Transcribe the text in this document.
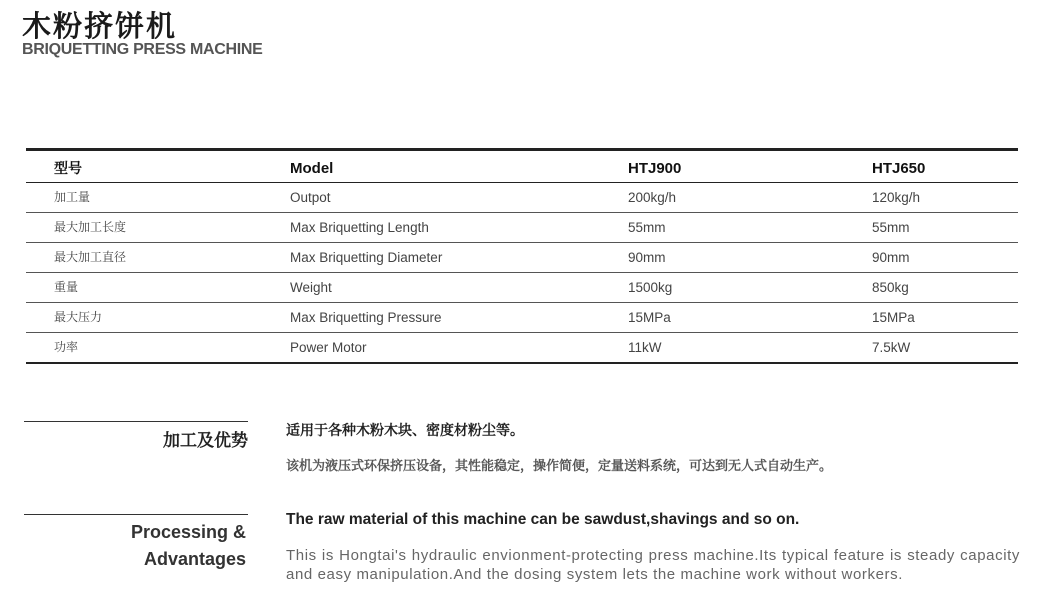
木粉挤饼机
BRIQUETTING PRESS MACHINE
型号	Model	HTJ900	HTJ650
加工量	Outpot	200kg/h	120kg/h
最大加工长度	Max Briquetting Length	55mm	55mm
最大加工直径	Max Briquetting Diameter	90mm	90mm
重量	Weight	1500kg	850kg
最大压力	Max Briquetting Pressure	15MPa	15MPa
功率	Power Motor	11kW	7.5kW
加工及优势
适用于各种木粉木块、密度材粉尘等。
该机为液压式环保挤压设备，其性能稳定，操作简便，定量送料系统，可达到无人式自动生产。
Processing &
Advantages
The raw material of this machine can be sawdust,shavings and so on.
This is Hongtai's hydraulic envionment-protecting press machine.Its typical feature is steady capacity and easy manipulation.And the dosing system lets the machine work without workers.
